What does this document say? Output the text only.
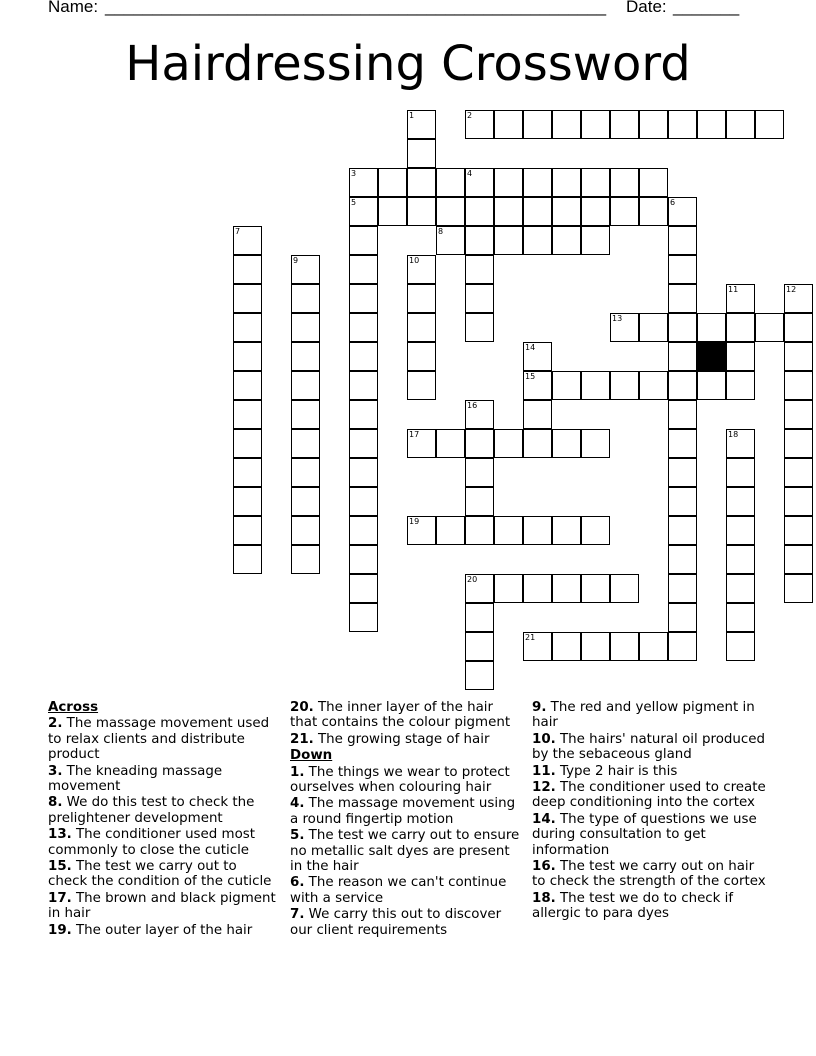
Name: _____________________________________________________ Date: _______
Hairdressing Crossword
1	2
3	4
5	6
7	8
9	10
11	12
13
14
15
16
17	18
19
20
21
Across
2. The massage movement used to relax clients and distribute product
3. The kneading massage movement
8. We do this test to check the prelightener development
13. The conditioner used most commonly to close the cuticle
15. The test we carry out to check the condition of the cuticle
17. The brown and black pigment in hair
19. The outer layer of the hair
20. The inner layer of the hair that contains the colour pigment
21. The growing stage of hair
Down
1. The things we wear to protect ourselves when colouring hair
4. The massage movement using a round fingertip motion
5. The test we carry out to ensure no metallic salt dyes are present in the hair
6. The reason we can't continue with a service
7. We carry this out to discover our client requirements
9. The red and yellow pigment in hair
10. The hairs' natural oil produced by the sebaceous gland
11. Type 2 hair is this
12. The conditioner used to create deep conditioning into the cortex
14. The type of questions we use during consultation to get information
16. The test we carry out on hair to check the strength of the cortex
18. The test we do to check if allergic to para dyes
